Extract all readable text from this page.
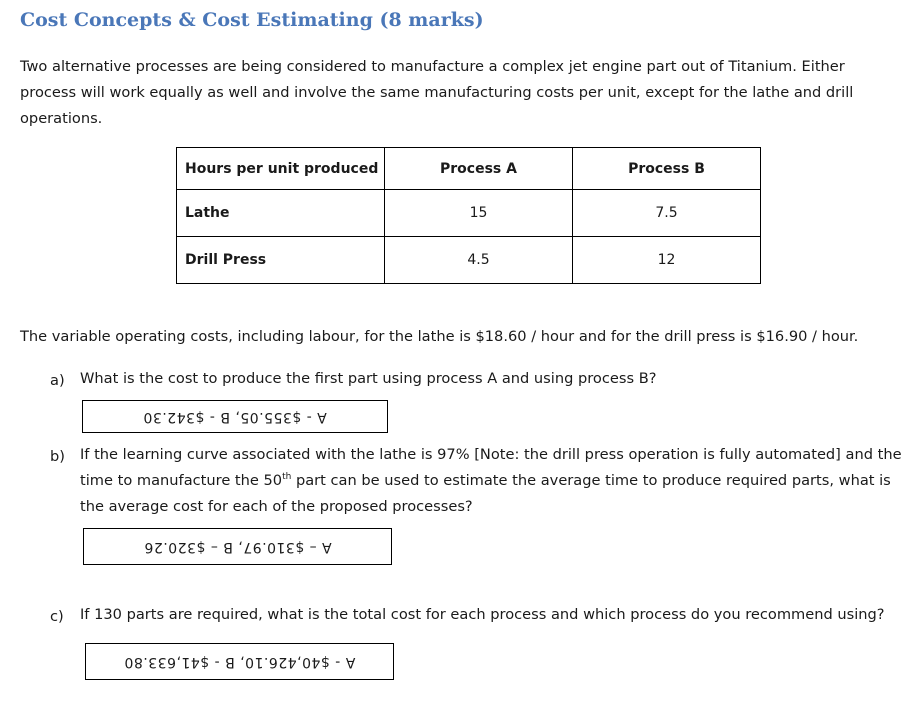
Cost Concepts & Cost Estimating (8 marks)
Two alternative processes are being considered to manufacture a complex jet engine part out of Titanium. Either
process will work equally as well and involve the same manufacturing costs per unit, except for the lathe and drill
operations.
Hours per unit produced	Process A	Process B

Lathe	15	7.5

Drill Press	4.5	12
The variable operating costs, including labour, for the lathe is $18.60 / hour and for the drill press is $16.90 / hour.
a) What is the cost to produce the first part using process A and using process B?
A - $355.05, B - $342.30
b) If the learning curve associated with the lathe is 97% [Note: the drill press operation is fully automated] and the
time to manufacture the 50th part can be used to estimate the average time to produce required parts, what is
the average cost for each of the proposed processes?
A – $310.97, B – $320.26
c) If 130 parts are required, what is the total cost for each process and which process do you recommend using?
A - $40,426.10, B - $41,633.80
